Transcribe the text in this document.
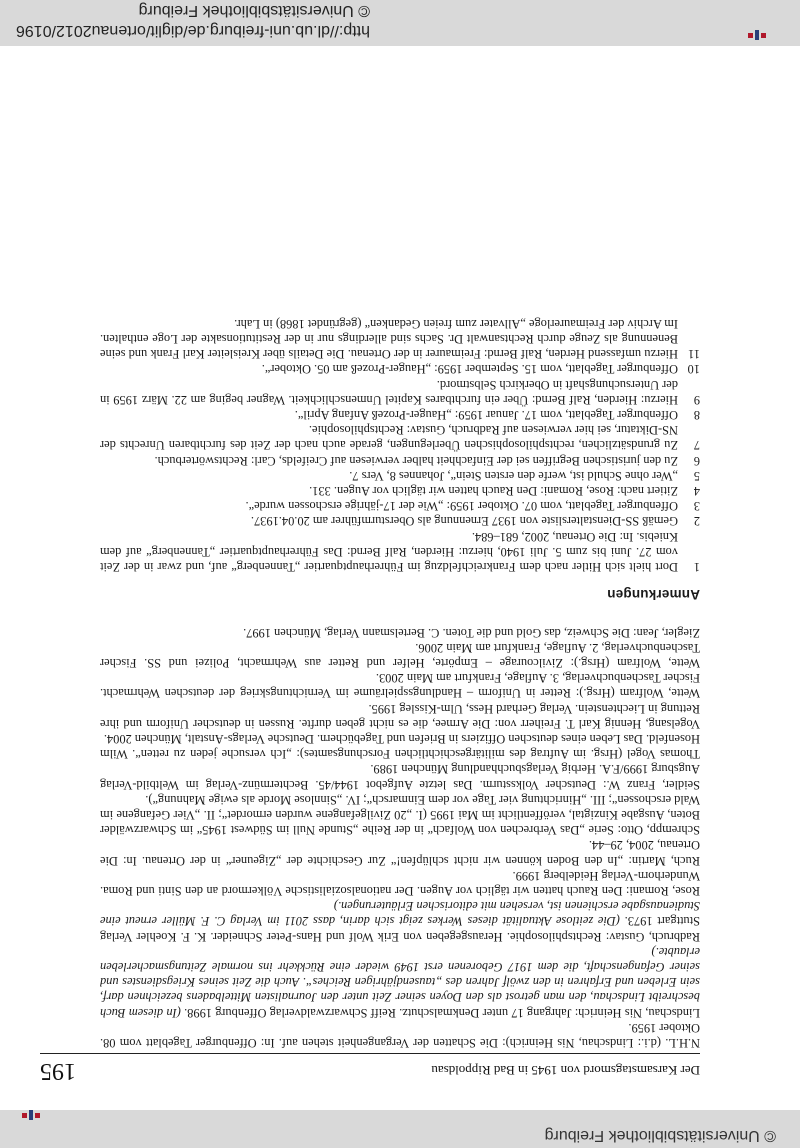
© Universitätsbibliothek Freiburg
Der Karsamstagsmord von 1945 in Bad Rippoldsau
195

N.H.L. (d.i.: Lindschau, Nis Heinrich): Die Schatten der Vergangenheit stehen auf. In: Offenburger Tageblatt vom 08. Oktober 1959.

Lindschau, Nis Heinrich: Jahrgang 17 unter Denkmalschutz. Reiff Schwarzwaldverlag Offenburg 1998. (In diesem Buch beschreibt Lindschau, den man getrost als den Doyen seiner Zeit unter den Journalisten Mittelbadens bezeichnen darf, sein Erleben und Erfahren in den zwölf Jahren des „tausendjährigen Reiches“. Auch die Zeit seines Kriegsdienstes und seiner Gefangenschaft, die dem 1917 Geborenen erst 1949 wieder eine Rückkehr ins normale Zeitungsmacherleben erlaubte.)

Radbruch, Gustav: Rechtsphilosophie. Herausgegeben von Erik Wolf und Hans-Peter Schneider. K. F. Koehler Verlag Stuttgart 1973. (Die zeitlose Aktualität dieses Werkes zeigt sich darin, dass 2011 im Verlag C. F. Müller erneut eine Studienausgabe erschienen ist, versehen mit editorischen Erläuterungen.)

Rose, Romani: Den Rauch hatten wir täglich vor Augen. Der nationalsozialistische Völkermord an den Sinti und Roma. Wunderhorn-Verlag Heidelberg 1999.

Ruch, Martin: „In den Boden können wir nicht schlüpfen!“ Zur Geschichte der „Zigeuner“ in der Ortenau. In: Die Ortenau, 2004, 29–44.

Schrempp, Otto: Serie „Das Verbrechen von Wolfach“ in der Reihe „Stunde Null im Südwest 1945“ im Schwarzwälder Boten, Ausgabe Kinzigtal, veröffentlicht im Mai 1995 (I. „20 Zivilgefangene wurden ermordet“; II. „Vier Gefangene im Wald erschossen“; III. „Hinrichtung vier Tage vor dem Einmarsch“; IV. „Sinnlose Morde als ewige Mahnung“).

Seidler, Franz W.: Deutscher Volkssturm. Das letzte Aufgebot 1944/45. Bechtermünz-Verlag im Weltbild-Verlag Augsburg 1999/F.A. Herbig Verlagsbuchhandlung München 1989.

Thomas Vogel (Hrsg. im Auftrag des militärgeschichtlichen Forschungsamtes): „Ich versuche jeden zu retten“. Wilm Hosenfeld. Das Leben eines deutschen Offiziers in Briefen und Tagebüchern. Deutsche Verlags-Anstalt, München 2004.

Vogelsang, Hennig Karl T. Freiherr von: Die Armee, die es nicht geben durfte. Russen in deutscher Uniform und ihre Rettung in Liechtenstein. Verlag Gerhard Hess, Ulm-Kissleg 1995.

Wette, Wolfram (Hrsg.): Retter in Uniform – Handlungsspielräume im Vernichtungskrieg der deutschen Wehrmacht. Fischer Taschenbuchverlag, 3. Auflage, Frankfurt am Main 2003.

Wette, Wolfram (Hrsg.): Zivilcourage – Empörte, Helfer und Retter aus Wehrmacht, Polizei und SS. Fischer Taschenbuchverlag, 2. Auflage, Frankfurt am Main 2006.

Ziegler, Jean: Die Schweiz, das Gold und die Toten. C. Bertelsmann Verlag, München 1997.

Anmerkungen
1
Dort hielt sich Hitler nach dem Frankreichfeldzug im Führerhauptquartier „Tannenberg“ auf, und zwar in der Zeit vom 27. Juni bis zum 5. Juli 1940, hierzu: Hierden, Ralf Bernd: Das Führerhauptquartier „Tannenberg“ auf dem Kniebis. In: Die Ortenau, 2002, 681–684.
2
Gemäß SS-Dienstaltersliste von 1937 Ernennung als Obersturmführer am 20.04.1937.
3
Offenburger Tageblatt, vom 07. Oktober 1959: „Wie der 17-jährige erschossen wurde“.
4
Zitiert nach: Rose, Romani: Den Rauch hatten wir täglich vor Augen. 331.
5
„Wer ohne Schuld ist, werfe den ersten Stein“, Johannes 8, Vers 7.
6
Zu den juristischen Begriffen sei der Einfachheit halber verwiesen auf Creifelds, Carl: Rechtswörterbuch.
7
Zu grundsätzlichen, rechtsphilosophischen Überlegungen, gerade auch nach der Zeit des furchtbaren Unrechts der NS-Diktatur, sei hier verwiesen auf Radbruch, Gustav: Rechtsphilosophie.
8
Offenburger Tageblatt, vom 17. Januar 1959: „Hauger-Prozeß Anfang April“.
9
Hierzu: Hierden, Ralf Bernd: Über ein furchtbares Kapitel Unmenschlichkeit. Wagner beging am 22. März 1959 in der Untersuchungshaft in Oberkirch Selbstmord.
10
Offenburger Tageblatt, vom 15. September 1959: „Hauger-Prozeß am 05. Oktober“.
11
Hierzu umfassend Herden, Ralf Bernd: Freimaurer in der Ortenau. Die Details über Kreisleiter Karl Frank und seine Benennung als Zeuge durch Rechtsanwalt Dr. Sachs sind allerdings nur in der Restitutionsakte der Loge enthalten. Im Archiv der Freimaurerloge „Allvater zum freien Gedanken“ (gegründet 1868) in Lahr.
http://dl.ub.uni-freiburg.de/diglit/ortenau2012/0196
© Universitätsbibliothek Freiburg
